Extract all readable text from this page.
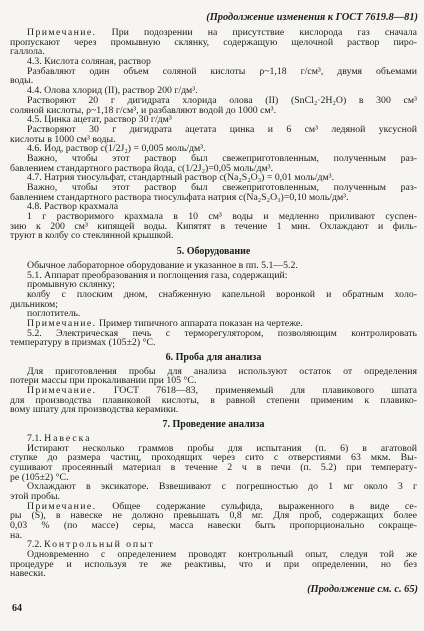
(Продолжение изменения к ГОСТ 7619.8—81)
Примечание. При подозрении на присутствие кислорода газ сначала
пропускают через промывную склянку, содержащую щелочной раствор пиро-
галлола.
4.3. Кислота соляная, раствор
Разбавляют один объем соляной кислоты ρ~1,18 г/см³, двумя объемами
воды.
4.4. Олова хлорид (II), раствор 200 г/дм³.
Растворяют 20 г дигидрата хлорида олова (II) (SnCl₂·2H₂O) в 300 см³
соляной кислоты, ρ~1,18 г/см³, и разбавляют водой до 1000 см³.
4.5. Цинка ацетат, раствор 30 г/дм³
Растворяют 30 г дигидрата ацетата цинка и 6 см³ ледяной уксусной
кислоты в 1000 см³ воды.
4.6. Иод, раствор c(1/2J₂) = 0,005 моль/дм³.
Важно, чтобы этот раствор был свежеприготовленным, полученным раз-
бавлением стандартного раствора йода, c(1/2J₂)=0,05 моль/дм³.
4.7. Натрия тиосульфат, стандартный раствор c(Na₂S₂O₃) = 0,01 моль/дм³.
Важно, чтобы этот раствор был свежеприготовленным, полученным раз-
бавлением стандартного раствора тиосульфата натрия c(Na₂S₂O₃)=0,10 моль/дм³.
4.8. Раствор крахмала
1 г растворимого крахмала в 10 см³ воды и медленно приливают суспен-
зию к 200 см³ кипящей воды. Кипятят в течение 1 мин. Охлаждают и филь-
труют в колбу со стеклянной крышкой.
5. Оборудование
Обычное лабораторное оборудование и указанное в пп. 5.1—5.2.
5.1. Аппарат преобразования и поглощения газа, содержащий:
промывную склянку;
колбу с плоским дном, снабженную капельной воронкой и обратным холо-
дильником;
поглотитель.
Примечание. Пример типичного аппарата показан на чертеже.
5.2. Электрическая печь с терморегулятором, позволяющим контролировать
температуру в призмах (105±2) °С.
6. Проба для анализа
Для приготовления пробы для анализа используют остаток от определения
потери массы при прокаливании при 105 °С.
Примечание. ГОСТ 7618—83, применяемый для плавикового шпата
для производства плавиковой кислоты, в равной степени применим к плавико-
вому шпату для производства керамики.
7. Проведение анализа
7.1. Навеска
Истирают несколько граммов пробы для испытания (п. 6) в агатовой
ступке до размера частиц, проходящих через сито с отверстиями 63 мкм. Вы-
сушивают просеянный материал в течение 2 ч в печи (п. 5.2) при температу-
ре (105±2) °С.
Охлаждают в эксикаторе. Взвешивают с погрешностью до 1 мг около 3 г
этой пробы.
Примечание. Общее содержание сульфида, выраженного в виде се-
ры (S), в навеске не должно превышать 0,8 мг. Для проб, содержащих более
0,03 % (по массе) серы, масса навески быть пропорционально сокраще-
на.
7.2. Контрольный опыт
Одновременно с определением проводят контрольный опыт, следуя той же
процедуре и используя те же реактивы, что и при определении, но без
навески.
(Продолжение см. с. 65)
64
